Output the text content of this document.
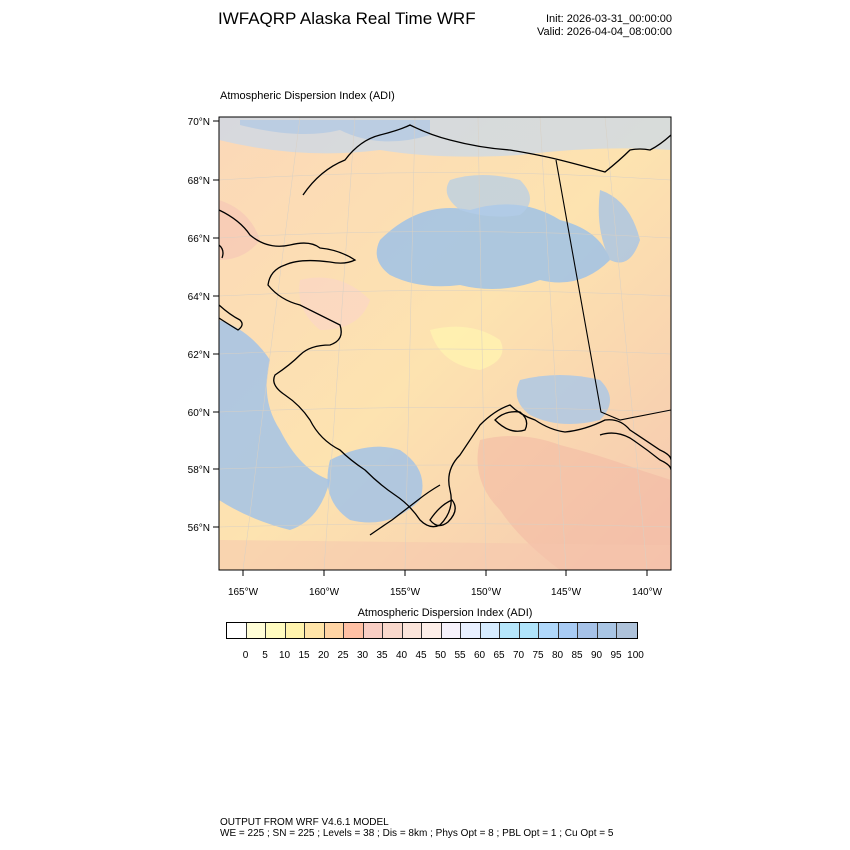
IWFAQRP Alaska Real Time WRF	Init: 2026-03-31_00:00:00
Valid: 2026-04-04_08:00:00
Atmospheric Dispersion Index (ADI)
70°N
68°N
66°N
64°N
62°N
60°N
58°N
56°N
165°W	160°W	155°W	150°W	145°W	140°W
Atmospheric Dispersion Index (ADI)
0 5 10 15 20 25 30 35 40 45 50 55 60 65 70 75 80 85 90 95 100
OUTPUT FROM WRF V4.6.1 MODEL
WE = 225 ; SN = 225 ; Levels = 38 ; Dis = 8km ; Phys Opt = 8 ; PBL Opt = 1 ; Cu Opt = 5
